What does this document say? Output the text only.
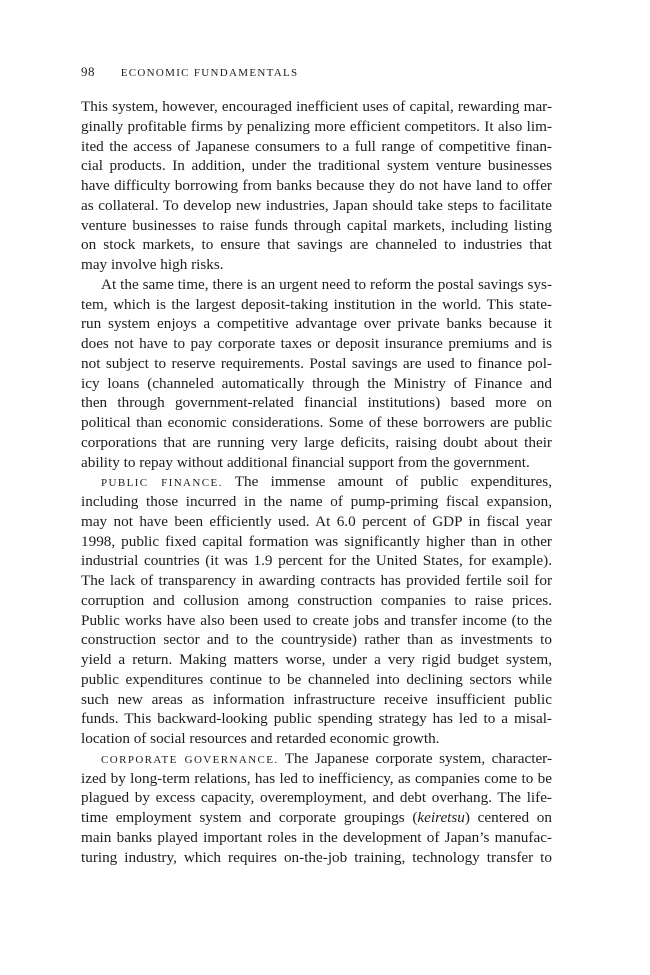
98 ECONOMIC FUNDAMENTALS
This system, however, encouraged inefficient uses of capital, rewarding mar-
ginally profitable firms by penalizing more efficient competitors. It also lim-
ited the access of Japanese consumers to a full range of competitive finan-
cial products. In addition, under the traditional system venture businesses
have difficulty borrowing from banks because they do not have land to offer
as collateral. To develop new industries, Japan should take steps to facilitate
venture businesses to raise funds through capital markets, including listing
on stock markets, to ensure that savings are channeled to industries that
may involve high risks.
At the same time, there is an urgent need to reform the postal savings sys-
tem, which is the largest deposit-taking institution in the world. This state-
run system enjoys a competitive advantage over private banks because it
does not have to pay corporate taxes or deposit insurance premiums and is
not subject to reserve requirements. Postal savings are used to finance pol-
icy loans (channeled automatically through the Ministry of Finance and
then through government-related financial institutions) based more on
political than economic considerations. Some of these borrowers are public
corporations that are running very large deficits, raising doubt about their
ability to repay without additional financial support from the government.
PUBLIC FINANCE. The immense amount of public expenditures,
including those incurred in the name of pump-priming fiscal expansion,
may not have been efficiently used. At 6.0 percent of GDP in fiscal year
1998, public fixed capital formation was significantly higher than in other
industrial countries (it was 1.9 percent for the United States, for example).
The lack of transparency in awarding contracts has provided fertile soil for
corruption and collusion among construction companies to raise prices.
Public works have also been used to create jobs and transfer income (to the
construction sector and to the countryside) rather than as investments to
yield a return. Making matters worse, under a very rigid budget system,
public expenditures continue to be channeled into declining sectors while
such new areas as information infrastructure receive insufficient public
funds. This backward-looking public spending strategy has led to a misal-
location of social resources and retarded economic growth.
CORPORATE GOVERNANCE. The Japanese corporate system, character-
ized by long-term relations, has led to inefficiency, as companies come to be
plagued by excess capacity, overemployment, and debt overhang. The life-
time employment system and corporate groupings (keiretsu) centered on
main banks played important roles in the development of Japan’s manufac-
turing industry, which requires on-the-job training, technology transfer to
